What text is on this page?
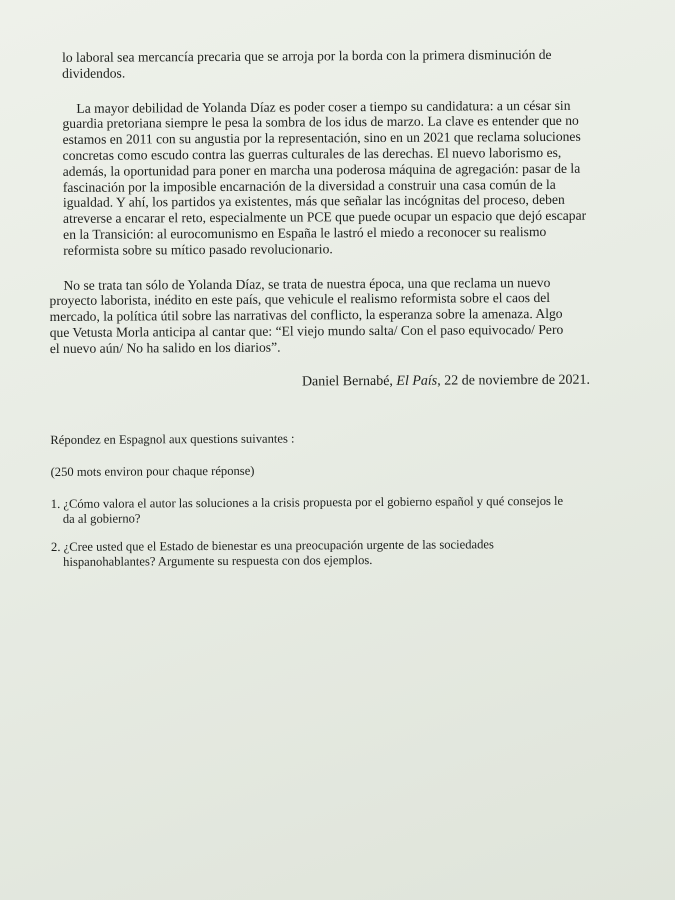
lo laboral sea mercancía precaria que se arroja por la borda con la primera disminución de
dividendos.
La mayor debilidad de Yolanda Díaz es poder coser a tiempo su candidatura: a un césar sin
guardia pretoriana siempre le pesa la sombra de los idus de marzo. La clave es entender que no
estamos en 2011 con su angustia por la representación, sino en un 2021 que reclama soluciones
concretas como escudo contra las guerras culturales de las derechas. El nuevo laborismo es,
además, la oportunidad para poner en marcha una poderosa máquina de agregación: pasar de la
fascinación por la imposible encarnación de la diversidad a construir una casa común de la
igualdad. Y ahí, los partidos ya existentes, más que señalar las incógnitas del proceso, deben
atreverse a encarar el reto, especialmente un PCE que puede ocupar un espacio que dejó escapar
en la Transición: al eurocomunismo en España le lastró el miedo a reconocer su realismo
reformista sobre su mítico pasado revolucionario.
No se trata tan sólo de Yolanda Díaz, se trata de nuestra época, una que reclama un nuevo
proyecto laborista, inédito en este país, que vehicule el realismo reformista sobre el caos del
mercado, la política útil sobre las narrativas del conflicto, la esperanza sobre la amenaza. Algo
que Vetusta Morla anticipa al cantar que: “El viejo mundo salta/ Con el paso equivocado/ Pero
el nuevo aún/ No ha salido en los diarios”.
Daniel Bernabé, El País, 22 de noviembre de 2021.
Répondez en Espagnol aux questions suivantes :
(250 mots environ pour chaque réponse)
1. ¿Cómo valora el autor las soluciones a la crisis propuesta por el gobierno español y qué consejos le
da al gobierno?
2. ¿Cree usted que el Estado de bienestar es una preocupación urgente de las sociedades
hispanohablantes? Argumente su respuesta con dos ejemplos.
